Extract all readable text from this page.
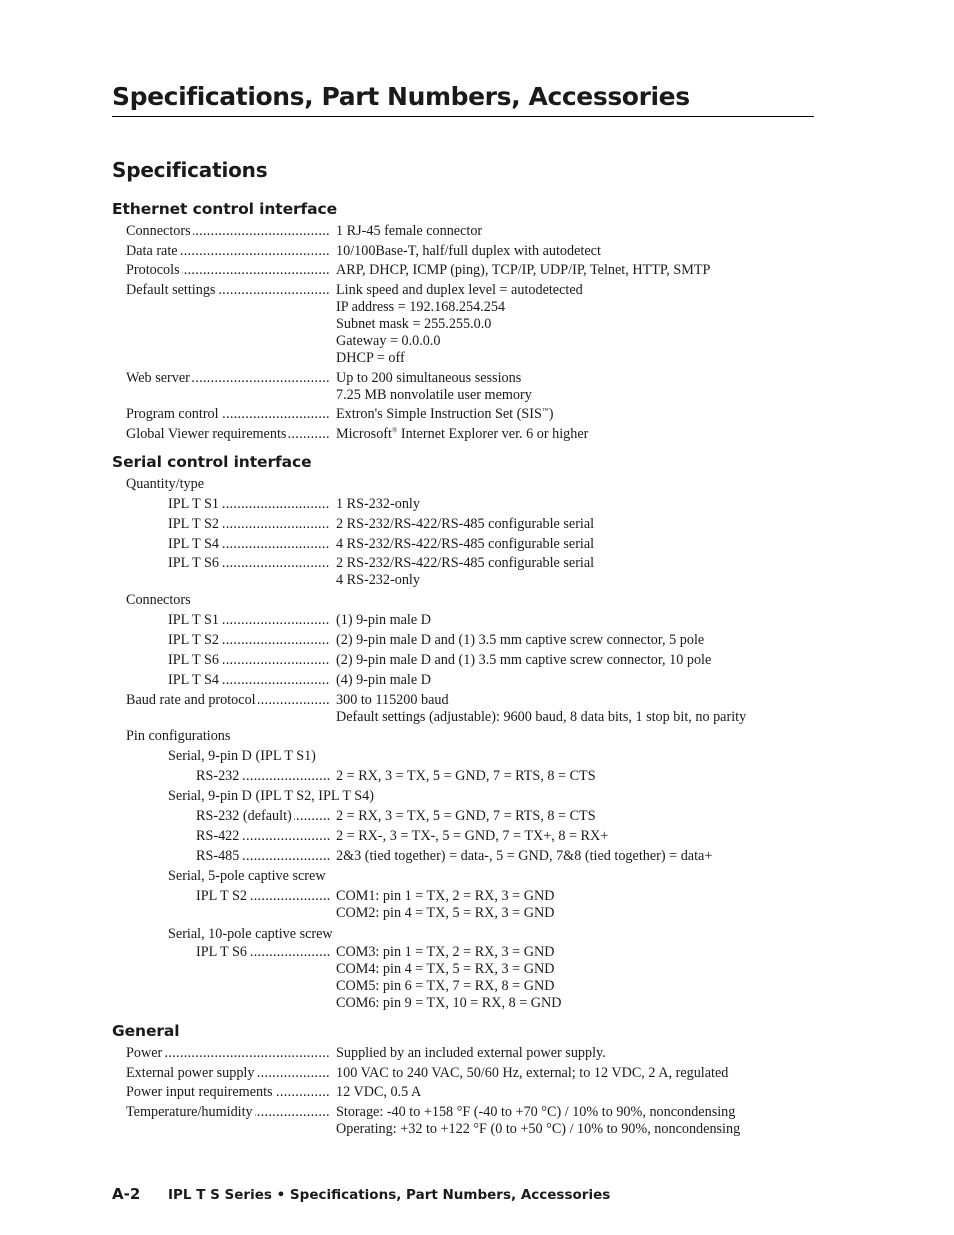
Specifications, Part Numbers, Accessories
Specifications
Ethernet control interface
Serial control interface
General
Connectors .....	1 RJ-45 female connector
Data rate .....	10/100Base-T, half/full duplex with autodetect
Protocols .....	ARP, DHCP, ICMP (ping), TCP/IP, UDP/IP, Telnet, HTTP, SMTP
Default settings .....	Link speed and duplex level = autodetected
IP address = 192.168.254.254
Subnet mask = 255.255.0.0
Gateway = 0.0.0.0
DHCP = off
Web server .....	Up to 200 simultaneous sessions
7.25 MB nonvolatile user memory
Program control .....	Extron's Simple Instruction Set (SIS™)
Global Viewer requirements .....	Microsoft® Internet Explorer ver. 6 or higher
Quantity/type
IPL T S1 .....	1 RS-232-only
IPL T S2 .....	2 RS-232/RS-422/RS-485 configurable serial
IPL T S4 .....	4 RS-232/RS-422/RS-485 configurable serial
IPL T S6 .....	2 RS-232/RS-422/RS-485 configurable serial
4 RS-232-only
Connectors
IPL T S1 .....	(1) 9-pin male D
IPL T S2 .....	(2) 9-pin male D and (1) 3.5 mm captive screw connector, 5 pole
IPL T S6 .....	(2) 9-pin male D and (1) 3.5 mm captive screw connector, 10 pole
IPL T S4 .....	(4) 9-pin male D
Baud rate and protocol .....	300 to 115200 baud
Default settings (adjustable): 9600 baud, 8 data bits, 1 stop bit, no parity
Pin configurations
Serial, 9-pin D (IPL T S1)
RS-232 .....	2 = RX, 3 = TX, 5 = GND, 7 = RTS, 8 = CTS
Serial, 9-pin D (IPL T S2, IPL T S4)
RS-232 (default) .....	2 = RX, 3 = TX, 5 = GND, 7 = RTS, 8 = CTS
RS-422 .....	2 = RX-, 3 = TX-, 5 = GND, 7 = TX+, 8 = RX+
RS-485 .....	2&3 (tied together) = data-, 5 = GND, 7&8 (tied together) = data+
Serial, 5-pole captive screw
IPL T S2 .....	COM1: pin 1 = TX, 2 = RX, 3 = GND
COM2: pin 4 = TX, 5 = RX, 3 = GND
Serial, 10-pole captive screw
IPL T S6 .....	COM3: pin 1 = TX, 2 = RX, 3 = GND
COM4: pin 4 = TX, 5 = RX, 3 = GND
COM5: pin 6 = TX, 7 = RX, 8 = GND
COM6: pin 9 = TX, 10 = RX, 8 = GND
Power .....	Supplied by an included external power supply.
External power supply .....	100 VAC to 240 VAC, 50/60 Hz, external; to 12 VDC, 2 A, regulated
Power input requirements .....	12 VDC, 0.5 A
Temperature/humidity .....	Storage: -40 to +158 °F (-40 to +70 °C) / 10% to 90%, noncondensing
Operating: +32 to +122 °F (0 to +50 °C) / 10% to 90%, noncondensing
A-2 IPL T S Series • Specifications, Part Numbers, Accessories
